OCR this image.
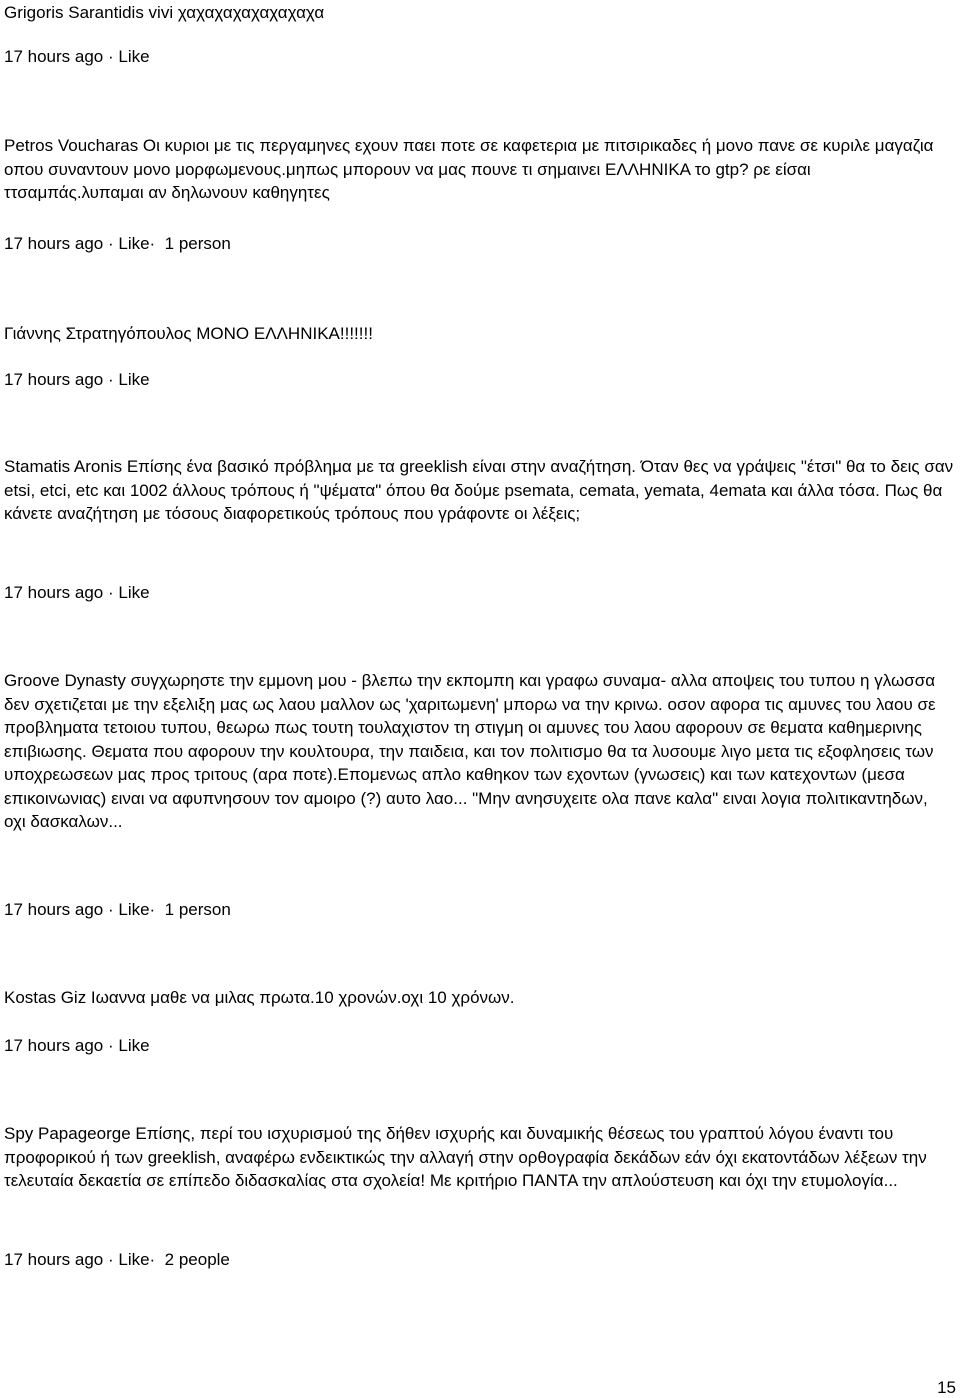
Grigoris Sarantidis vivi χαχαχαχαχαχαχαχα
17 hours ago · Like
Petros Voucharas Οι κυριοι με τις περγαμηνες εχουν παει ποτε σε καφετερια με πιτσιρικαδες ή μονο πανε σε κυριλε μαγαζια οπου συναντουν μονο μορφωμενους.μηπως μπορουν να μας πουνε τι σημαινει ΕΛΛΗΝΙΚΑ το gtp? ρε είσαι ττσαμπάς.λυπαμαι αν δηλωνουν καθηγητες
17 hours ago · Like·  1 person
Γιάννης Στρατηγόπουλος ΜΟΝΟ ΕΛΛΗΝΙΚΑ!!!!!!!
17 hours ago · Like
Stamatis Aronis Επίσης ένα βασικό πρόβλημα με τα greeklish είναι στην αναζήτηση. Όταν θες να γράψεις "έτσι" θα το δεις σαν etsi, etci, etc και 1002 άλλους τρόπους ή "ψέματα" όπου θα δούμε psemata, cemata, yemata, 4emata και άλλα τόσα. Πως θα κάνετε αναζήτηση με τόσους διαφορετικούς τρόπους που γράφοντε οι λέξεις;
17 hours ago · Like
Groove Dynasty συγχωρηστε την εμμονη μου - βλεπω την εκπομπη και γραφω συναμα- αλλα αποψεις του τυπου η γλωσσα δεν σχετιζεται με την εξελιξη μας ως λαου μαλλον ως 'χαριτωμενη' μπορω να την κρινω. οσον αφορα τις αμυνες του λαου σε προβληματα τετοιου τυπου, θεωρω πως τουτη τουλαχιστον τη στιγμη οι αμυνες του λαου αφορουν σε θεματα καθημερινης επιβιωσης. Θεματα που αφορουν την κουλτουρα, την παιδεια, και τον πολιτισμο θα τα λυσουμε λιγο μετα τις εξοφλησεις των υποχρεωσεων μας προς τριτους (αρα ποτε).Επομενως απλο καθηκον των εχοντων (γνωσεις) και των κατεχοντων (μεσα επικοινωνιας) ειναι να αφυπνησουν τον αμοιρο (?) αυτο λαο... "Μην ανησυχειτε ολα πανε καλα" ειναι λογια πολιτικαντηδων, οχι δασκαλων...
17 hours ago · Like·  1 person
Kostas Giz Ιωαννα μαθε να μιλας πρωτα.10 χρονών.οχι 10 χρόνων.
17 hours ago · Like
Spy Papageorge Επίσης, περί του ισχυρισμού της δήθεν ισχυρής και δυναμικής θέσεως του γραπτού λόγου έναντι του προφορικού ή των greeklish, αναφέρω ενδεικτικώς την αλλαγή στην ορθογραφία δεκάδων εάν όχι εκατοντάδων λέξεων την τελευταία δεκαετία σε επίπεδο διδασκαλίας στα σχολεία! Με κριτήριο ΠΑΝΤΑ την απλούστευση και όχι την ετυμολογία...
17 hours ago · Like·  2 people
15
